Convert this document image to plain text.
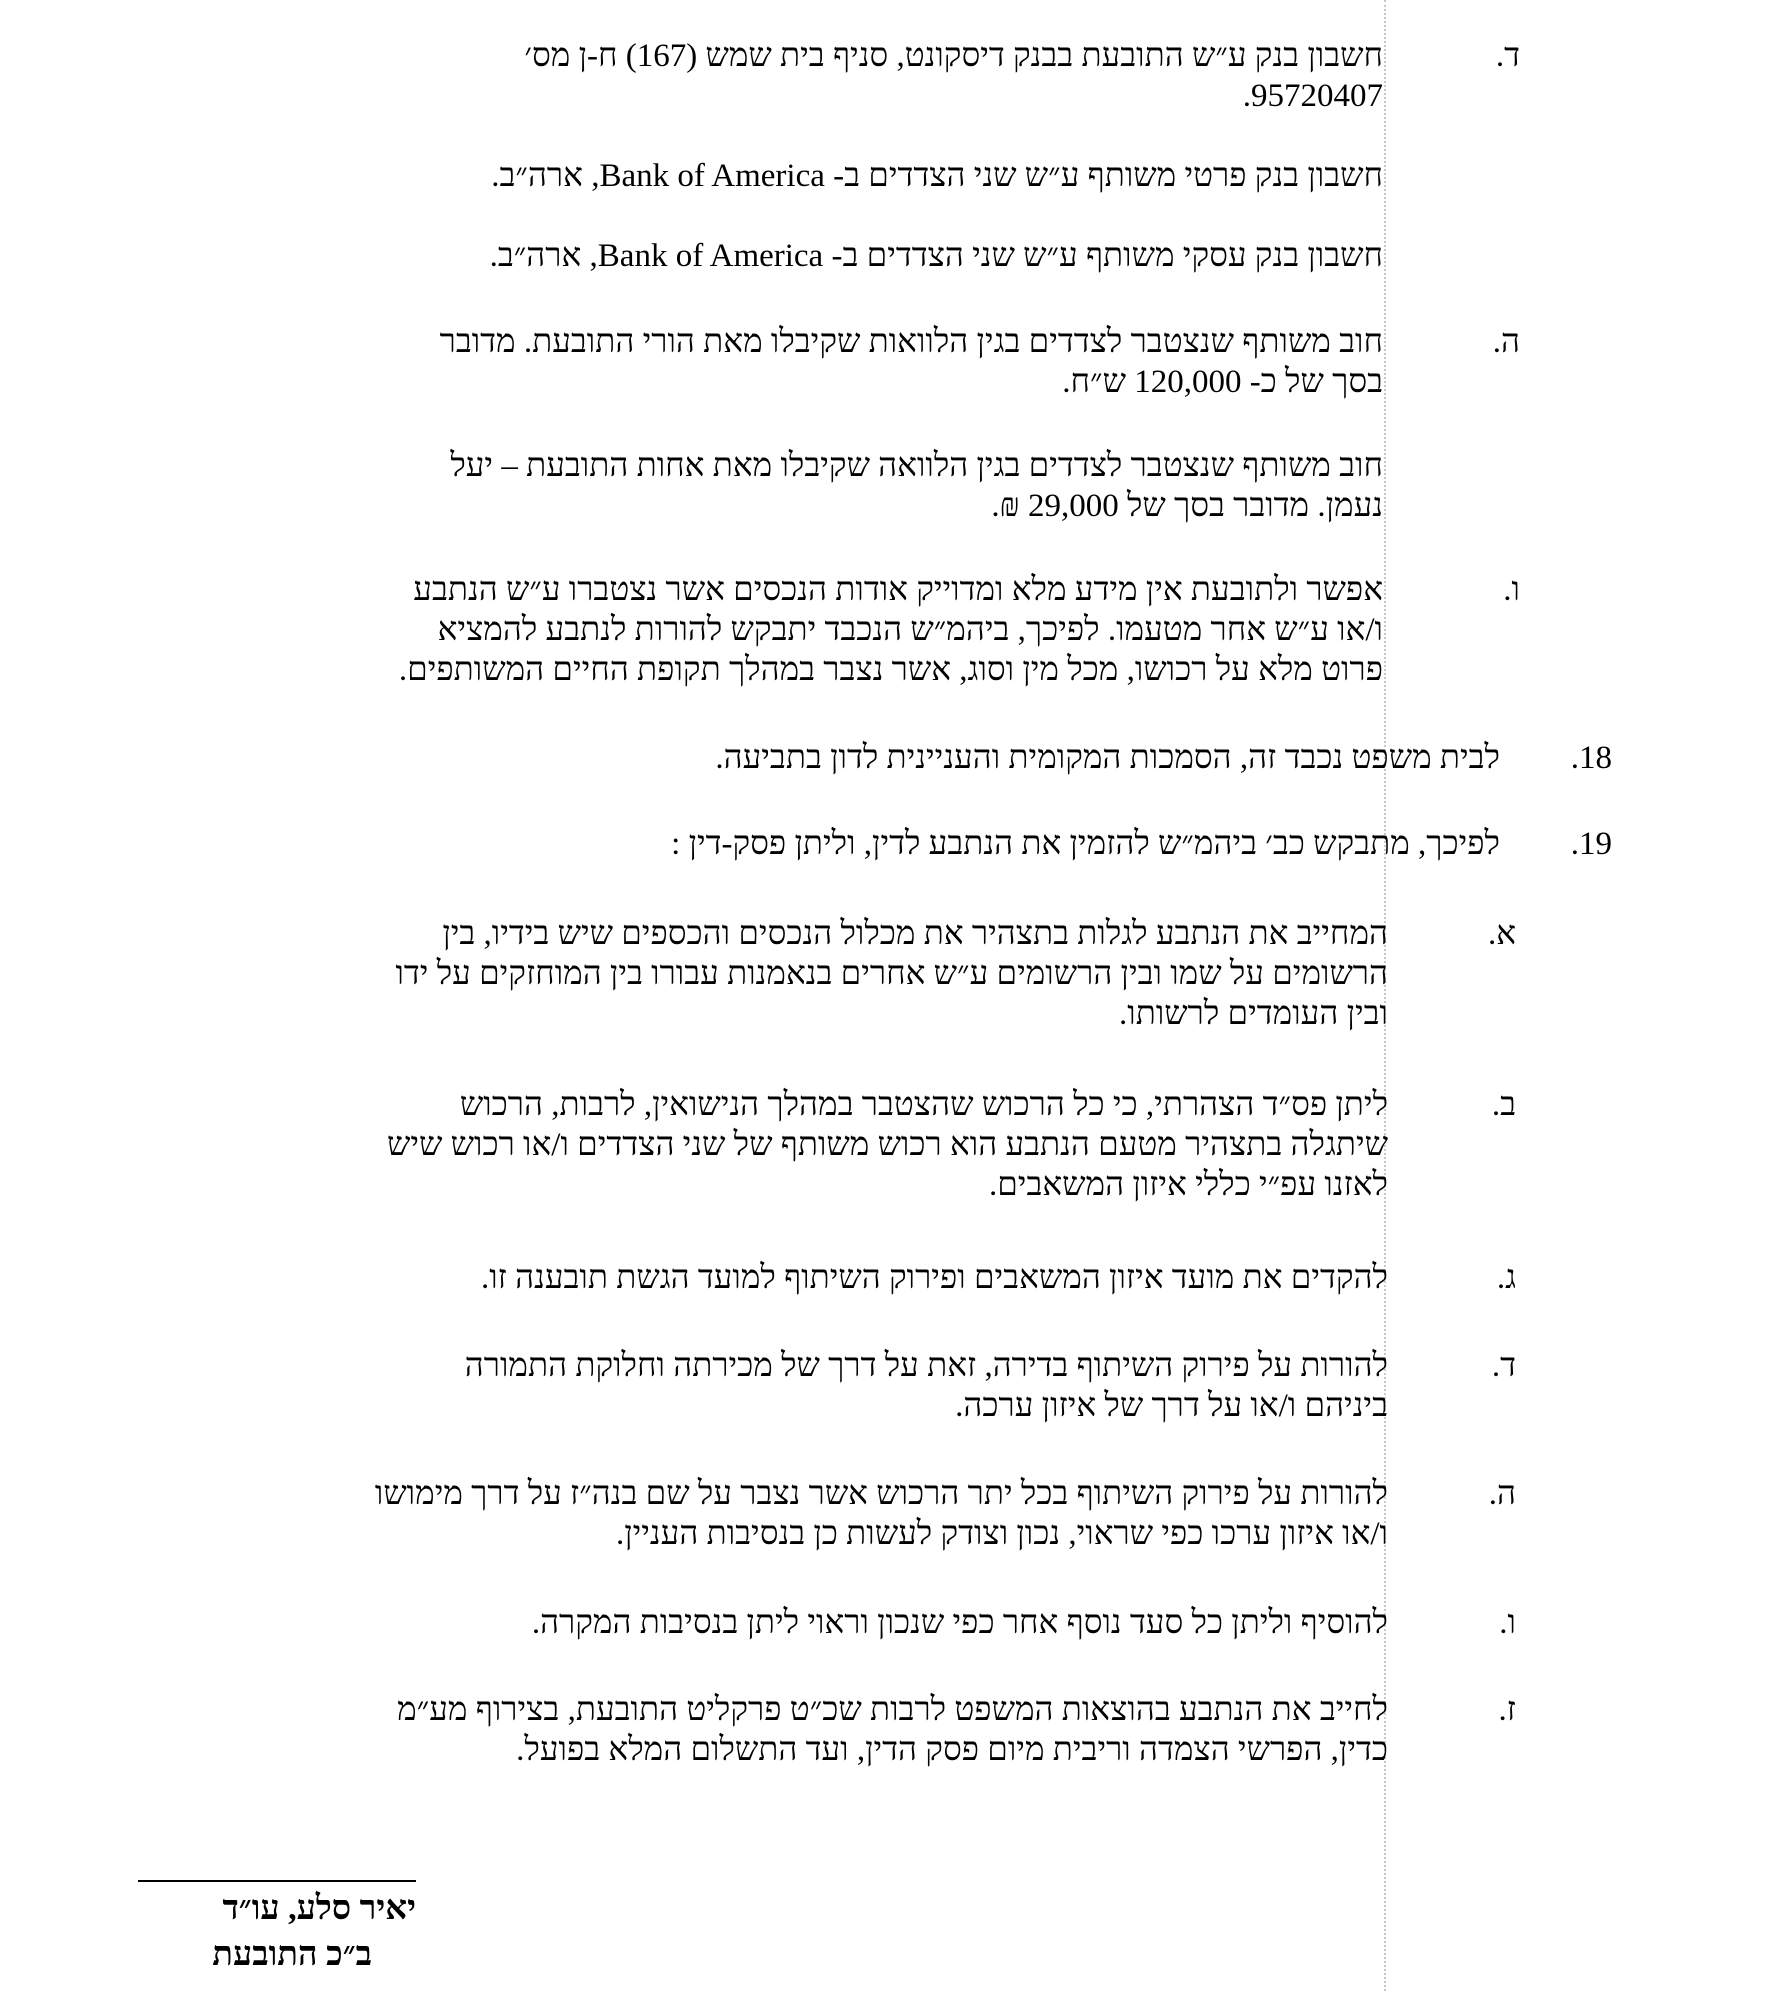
ד.
חשבון בנק ע״ש התובעת בבנק דיסקונט, סניף בית שמש (167) ח-ן מס׳
95720407.
חשבון בנק פרטי משותף ע״ש שני הצדדים ב- Bank of America, ארה״ב.
חשבון בנק עסקי משותף ע״ש שני הצדדים ב- Bank of America, ארה״ב.
ה.
חוב משותף שנצטבר לצדדים בגין הלוואות שקיבלו מאת הורי התובעת. מדובר
בסך של כ- 120,000 ש״ח.
חוב משותף שנצטבר לצדדים בגין הלוואה שקיבלו מאת אחות התובעת – יעל
נעמן. מדובר בסך של 29,000 ₪.
ו.
אפשר ולתובעת אין מידע מלא ומדוייק אודות הנכסים אשר נצטברו ע״ש הנתבע
ו/או ע״ש אחר מטעמו. לפיכך, ביהמ״ש הנכבד יתבקש להורות לנתבע להמציא
פרוט מלא על רכושו, מכל מין וסוג, אשר נצבר במהלך תקופת החיים המשותפים.
18.
לבית משפט נכבד זה, הסמכות המקומית והעניינית לדון בתביעה.
19.
לפיכך, מתבקש כב׳ ביהמ״ש להזמין את הנתבע לדין, וליתן פסק-דין :
א.
המחייב את הנתבע לגלות בתצהיר את מכלול הנכסים והכספים שיש בידיו, בין
הרשומים על שמו ובין הרשומים ע״ש אחרים בנאמנות עבורו בין המוחזקים על ידו
ובין העומדים לרשותו.
ב.
ליתן פס״ד הצהרתי, כי כל הרכוש שהצטבר במהלך הנישואין, לרבות, הרכוש
שיתגלה בתצהיר מטעם הנתבע הוא רכוש משותף של שני הצדדים ו/או רכוש שיש
לאזנו עפ״י כללי איזון המשאבים.
ג.
להקדים את מועד איזון המשאבים ופירוק השיתוף למועד הגשת תובענה זו.
ד.
להורות על פירוק השיתוף בדירה, זאת על דרך של מכירתה וחלוקת התמורה
ביניהם ו/או על דרך של איזון ערכה.
ה.
להורות על פירוק השיתוף בכל יתר הרכוש אשר נצבר על שם בנה״ז על דרך מימושו
ו/או איזון ערכו כפי שראוי, נכון וצודק לעשות כן בנסיבות העניין.
ו.
להוסיף וליתן כל סעד נוסף אחר כפי שנכון וראוי ליתן בנסיבות המקרה.
ז.
לחייב את הנתבע בהוצאות המשפט לרבות שכ״ט פרקליט התובעת, בצירוף מע״מ
כדין, הפרשי הצמדה וריבית מיום פסק הדין, ועד התשלום המלא בפועל.
יאיר סלע, עו״ד
ב״כ התובעת
